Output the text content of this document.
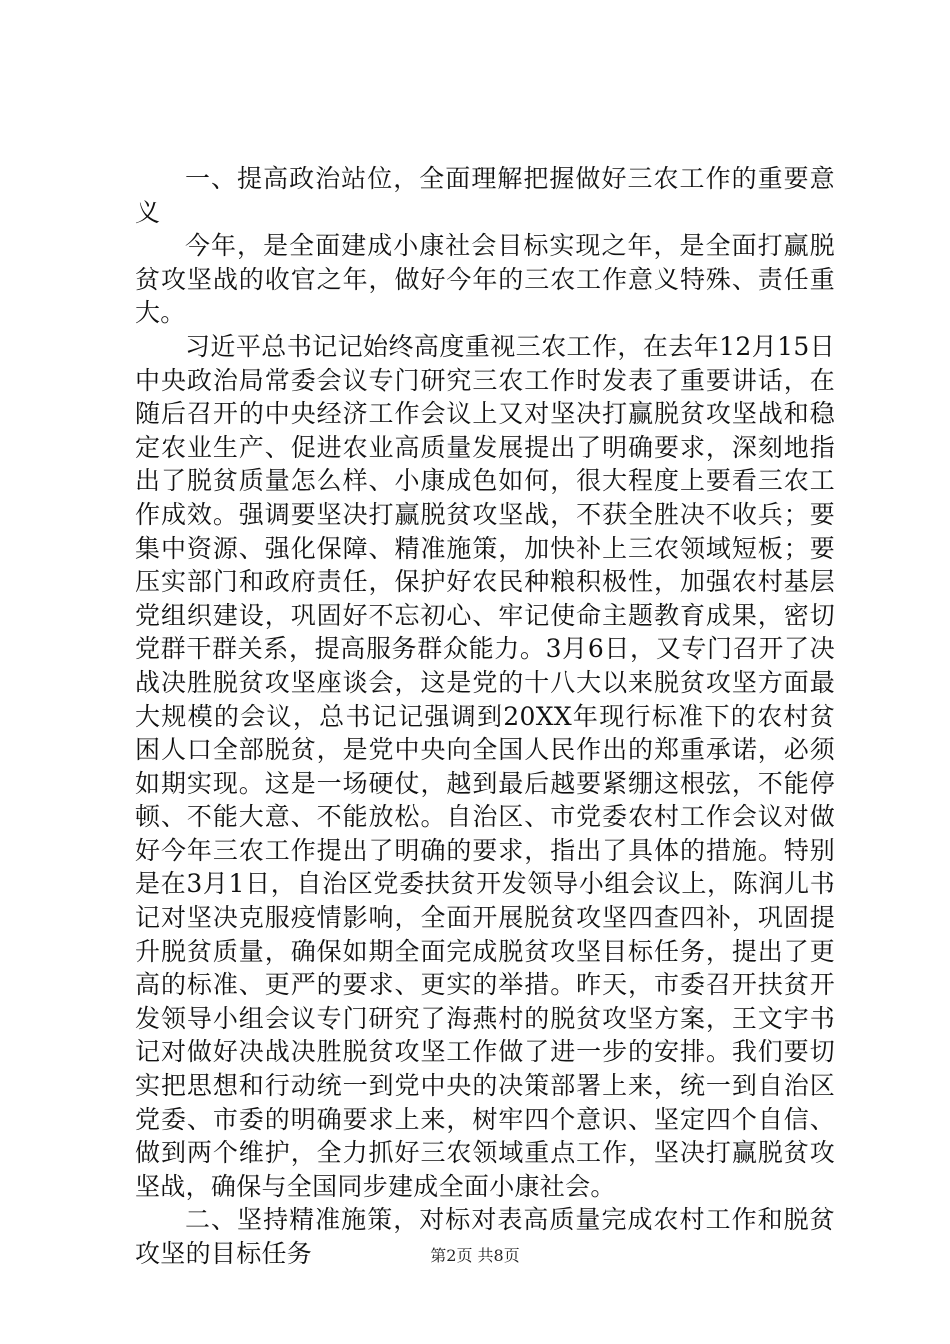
一、提高政治站位，全面理解把握做好三农工作的重要意义

今年，是全面建成小康社会目标实现之年，是全面打赢脱贫攻坚战的收官之年，做好今年的三农工作意义特殊、责任重大。

习近平总书记记始终高度重视三农工作，在去年12月15日中央政治局常委会议专门研究三农工作时发表了重要讲话，在随后召开的中央经济工作会议上又对坚决打赢脱贫攻坚战和稳定农业生产、促进农业高质量发展提出了明确要求，深刻地指出了脱贫质量怎么样、小康成色如何，很大程度上要看三农工作成效。强调要坚决打赢脱贫攻坚战，不获全胜决不收兵；要集中资源、强化保障、精准施策，加快补上三农领域短板；要压实部门和政府责任，保护好农民种粮积极性，加强农村基层党组织建设，巩固好不忘初心、牢记使命主题教育成果，密切党群干群关系，提高服务群众能力。3月6日，又专门召开了决战决胜脱贫攻坚座谈会，这是党的十八大以来脱贫攻坚方面最大规模的会议，总书记记强调到20XX年现行标准下的农村贫困人口全部脱贫，是党中央向全国人民作出的郑重承诺，必须如期实现。这是一场硬仗，越到最后越要紧绷这根弦，不能停顿、不能大意、不能放松。自治区、市党委农村工作会议对做好今年三农工作提出了明确的要求，指出了具体的措施。特别是在3月1日，自治区党委扶贫开发领导小组会议上，陈润儿书记对坚决克服疫情影响，全面开展脱贫攻坚四查四补，巩固提升脱贫质量，确保如期全面完成脱贫攻坚目标任务，提出了更高的标准、更严的要求、更实的举措。昨天，市委召开扶贫开发领导小组会议专门研究了海燕村的脱贫攻坚方案，王文宇书记对做好决战决胜脱贫攻坚工作做了进一步的安排。我们要切实把思想和行动统一到党中央的决策部署上来，统一到自治区党委、市委的明确要求上来，树牢四个意识、坚定四个自信、做到两个维护，全力抓好三农领域重点工作，坚决打赢脱贫攻坚战，确保与全国同步建成全面小康社会。

二、坚持精准施策，对标对表高质量完成农村工作和脱贫攻坚的目标任务	第2页 共8页
